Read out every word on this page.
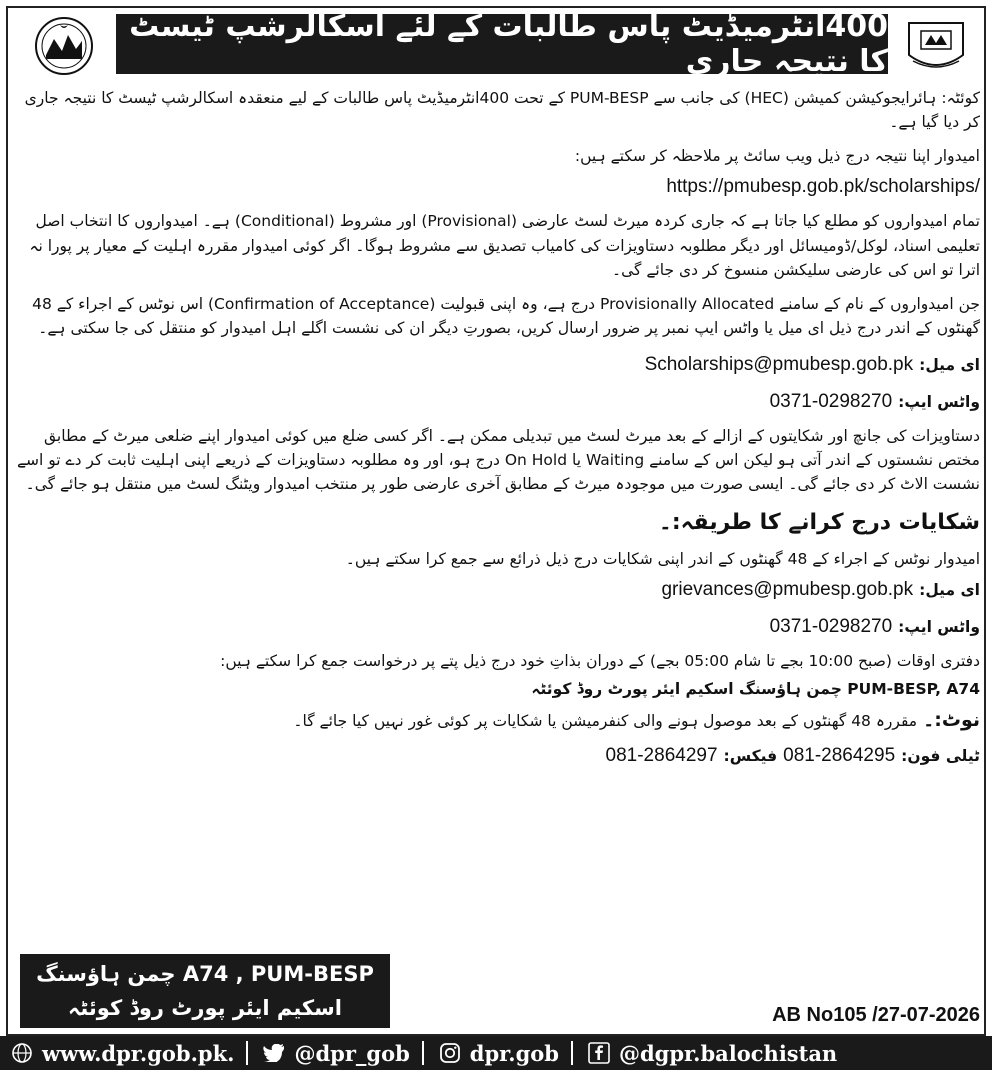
400انٹرمیڈیٹ پاس طالبات کے لئے اسکالرشپ ٹیسٹ کا نتیجہ جاری

کوئٹہ: ہائرایجوکیشن کمیشن (HEC) کی جانب سے PUM-BESP کے تحت 400انٹرمیڈیٹ پاس طالبات کے لیے منعقدہ اسکالرشپ ٹیسٹ کا نتیجہ جاری کر دیا گیا ہے۔

امیدوار اپنا نتیجہ درج ذیل ویب سائٹ پر ملاحظہ کر سکتے ہیں:

https://pmubesp.gob.pk/scholarships/

تمام امیدواروں کو مطلع کیا جاتا ہے کہ جاری کردہ میرٹ لسٹ عارضی (Provisional) اور مشروط (Conditional) ہے۔ امیدواروں کا انتخاب اصل تعلیمی اسناد، لوکل/ڈومیسائل اور دیگر مطلوبہ دستاویزات کی کامیاب تصدیق سے مشروط ہوگا۔ اگر کوئی امیدوار مقررہ اہلیت کے معیار پر پورا نہ اترا تو اس کی عارضی سلیکشن منسوخ کر دی جائے گی۔

جن امیدواروں کے نام کے سامنے Provisionally Allocated درج ہے، وہ اپنی قبولیت (Confirmation of Acceptance) اس نوٹس کے اجراء کے 48 گھنٹوں کے اندر درج ذیل ای میل یا واٹس ایپ نمبر پر ضرور ارسال کریں، بصورتِ دیگر ان کی نشست اگلے اہل امیدوار کو منتقل کی جا سکتی ہے۔

ای میل:
Scholarships@pmubesp.gob.pk
واٹس ایپ:
0371-0298270

دستاویزات کی جانچ اور شکایتوں کے ازالے کے بعد میرٹ لسٹ میں تبدیلی ممکن ہے۔ اگر کسی ضلع میں کوئی امیدوار اپنے ضلعی میرٹ کے مطابق مختص نشستوں کے اندر آتی ہو لیکن اس کے سامنے Waiting یا On Hold درج ہو، اور وہ مطلوبہ دستاویزات کے ذریعے اپنی اہلیت ثابت کر دے تو اسے نشست الاٹ کر دی جائے گی۔ ایسی صورت میں موجودہ میرٹ کے مطابق آخری عارضی طور پر منتخب امیدوار ویٹنگ لسٹ میں منتقل ہو جائے گی۔

شکایات درج کرانے کا طریقہ:۔

امیدوار نوٹس کے اجراء کے 48 گھنٹوں کے اندر اپنی شکایات درج ذیل ذرائع سے جمع کرا سکتے ہیں۔

ای میل:
grievances@pmubesp.gob.pk
واٹس ایپ:
0371-0298270

دفتری اوقات (صبح 10:00 بجے تا شام 05:00 بجے) کے دوران بذاتِ خود درج ذیل پتے پر درخواست جمع کرا سکتے ہیں:

PUM-BESP, A74 چمن ہاؤسنگ اسکیم ایئر پورٹ روڈ کوئٹہ

نوٹ:۔
مقررہ 48 گھنٹوں کے بعد موصول ہونے والی کنفرمیشن یا شکایات پر کوئی غور نہیں کیا جائے گا۔
ٹیلی فون:
081-2864295
فیکس:
081-2864297
A74 , PUM-BESP چمن ہاؤسنگ
اسکیم ایئر پورٹ روڈ کوئٹہ	AB No105 /27-07-2026
www.dpr.gob.pk.	@dpr_gob	dpr.gob	@dgpr.balochistan
